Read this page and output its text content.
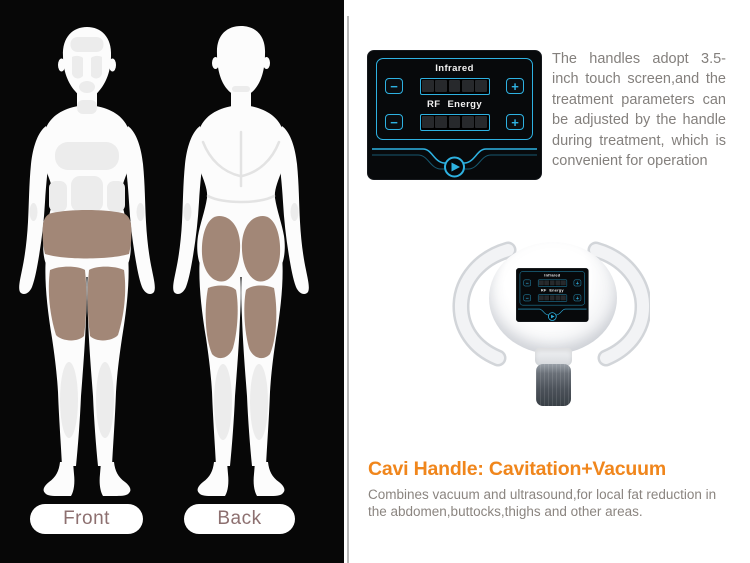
Front	Back
Infrared
−	+
RF Energy
−	+
The handles adopt 3.5-inch touch screen,and the treatment parameters can be adjusted by the handle during treatment, which is convenient for operation
Infrared
−	+
RF Energy
−	+
Cavi Handle: Cavitation+Vacuum
Combines vacuum and ultrasound,for local fat reduction in the abdomen,buttocks,thighs and other areas.
